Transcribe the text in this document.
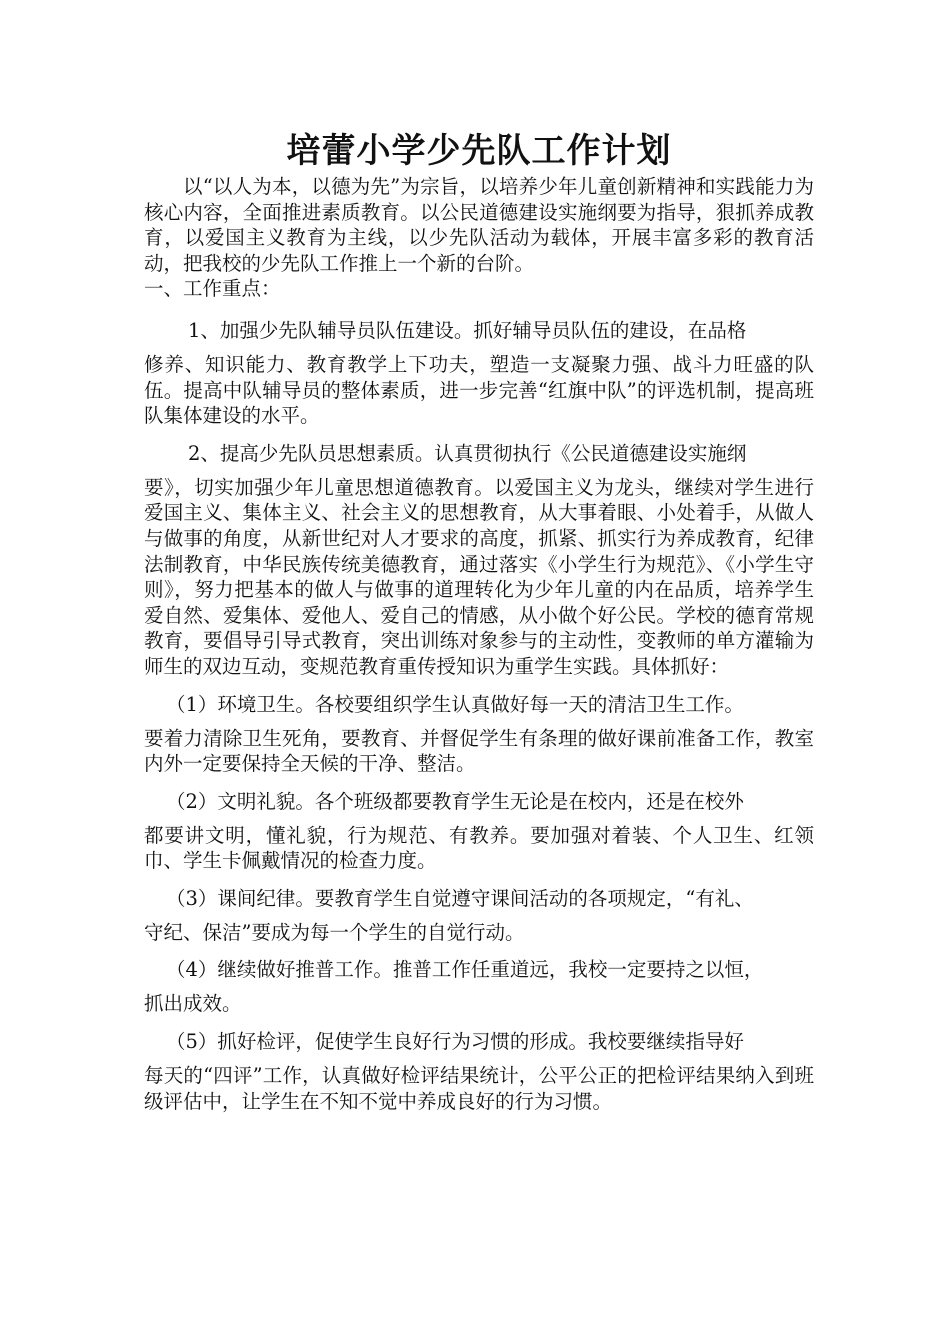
培蕾小学少先队工作计划

以“以人为本，以德为先”为宗旨，以培养少年儿童创新精神和实践能力为核心内容，全面推进素质教育。以公民道德建设实施纲要为指导，狠抓养成教育，以爱国主义教育为主线，以少先队活动为载体，开展丰富多彩的教育活动，把我校的少先队工作推上一个新的台阶。

一、工作重点：

1、加强少先队辅导员队伍建设。抓好辅导员队伍的建设，在品格
修养、知识能力、教育教学上下功夫，塑造一支凝聚力强、战斗力旺盛的队伍。提高中队辅导员的整体素质，进一步完善“红旗中队”的评选机制，提高班队集体建设的水平。
2、提高少先队员思想素质。认真贯彻执行《公民道德建设实施纲
要》，切实加强少年儿童思想道德教育。以爱国主义为龙头，继续对学生进行爱国主义、集体主义、社会主义的思想教育，从大事着眼、小处着手，从做人与做事的角度，从新世纪对人才要求的高度，抓紧、抓实行为养成教育，纪律法制教育，中华民族传统美德教育，通过落实《小学生行为规范》、《小学生守则》，努力把基本的做人与做事的道理转化为少年儿童的内在品质，培养学生爱自然、爱集体、爱他人、爱自己的情感，从小做个好公民。学校的德育常规教育，要倡导引导式教育，突出训练对象参与的主动性，变教师的单方灌输为师生的双边互动，变规范教育重传授知识为重学生实践。具体抓好：
（1）环境卫生。各校要组织学生认真做好每一天的清洁卫生工作。
要着力清除卫生死角，要教育、并督促学生有条理的做好课前准备工作，教室内外一定要保持全天候的干净、整洁。
（2）文明礼貌。各个班级都要教育学生无论是在校内，还是在校外
都要讲文明，懂礼貌，行为规范、有教养。要加强对着装、个人卫生、红领巾、学生卡佩戴情况的检查力度。
（3）课间纪律。要教育学生自觉遵守课间活动的各项规定，“有礼、
守纪、保洁”要成为每一个学生的自觉行动。
（4）继续做好推普工作。推普工作任重道远，我校一定要持之以恒，
抓出成效。
（5）抓好检评，促使学生良好行为习惯的形成。我校要继续指导好
每天的“四评”工作，认真做好检评结果统计，公平公正的把检评结果纳入到班级评估中，让学生在不知不觉中养成良好的行为习惯。
